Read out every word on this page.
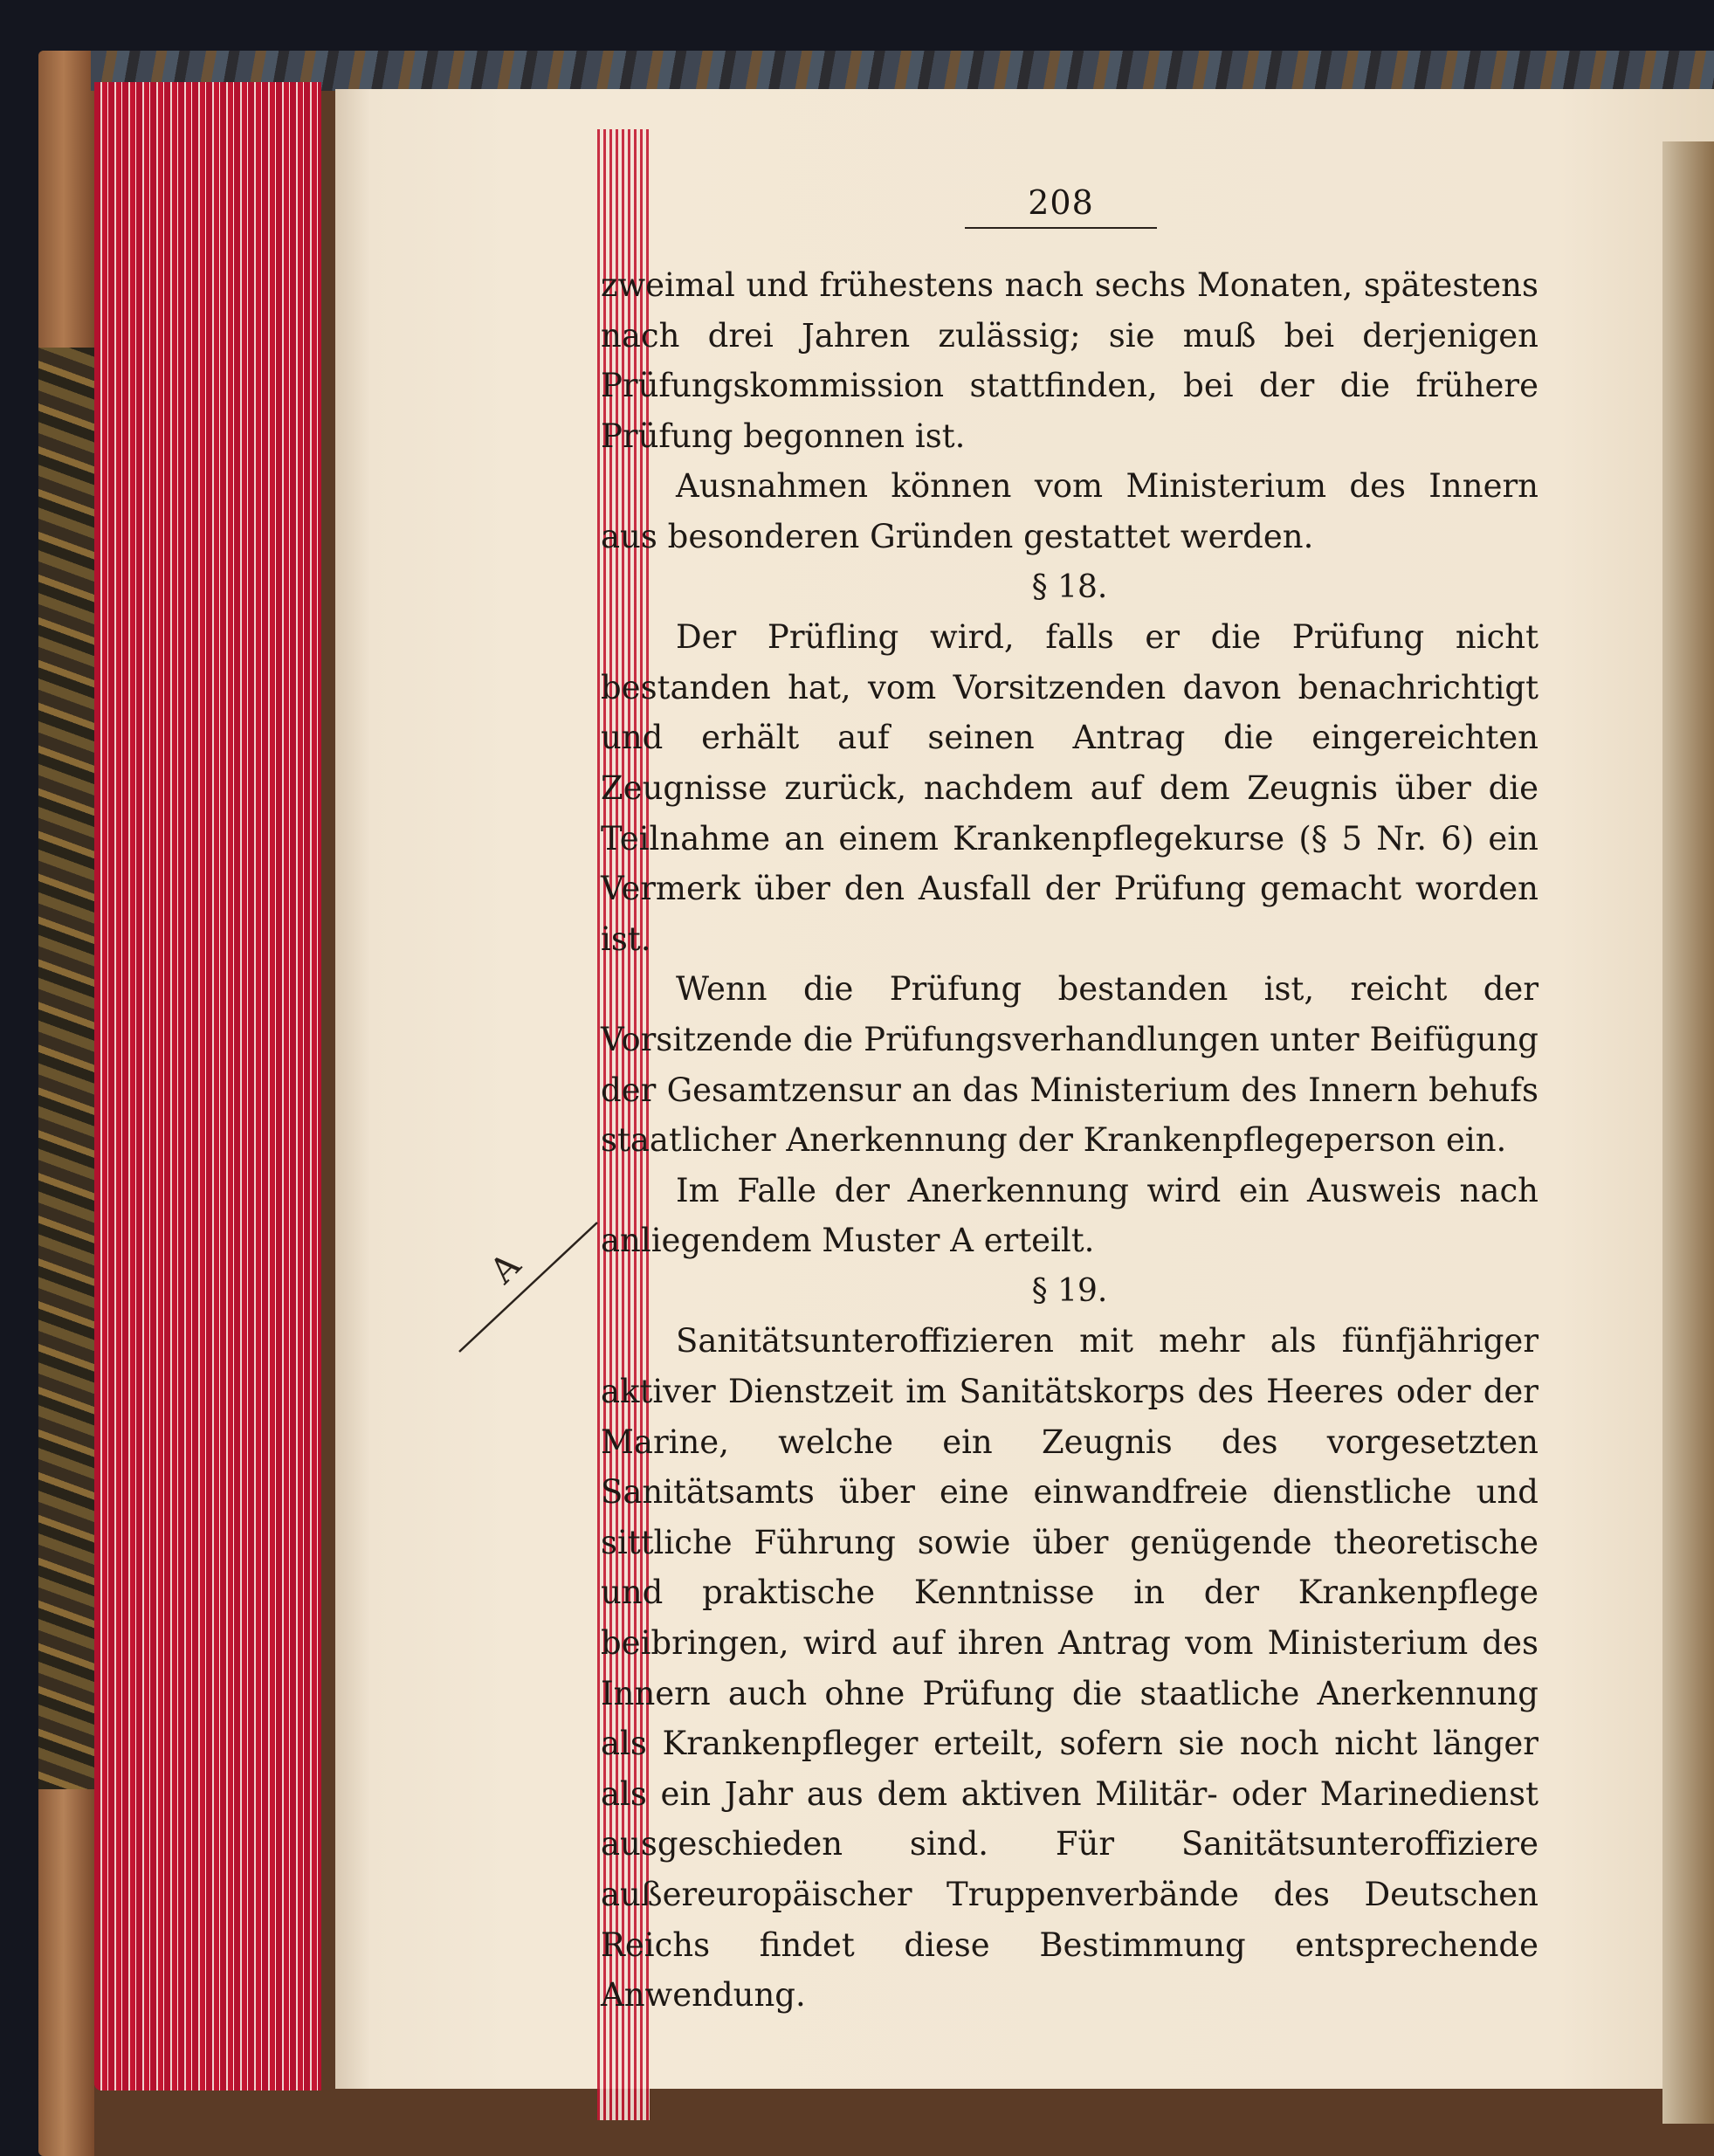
208
A

zweimal und frühestens nach sechs Monaten, spätestens nach drei Jahren zulässig; sie muß bei derjenigen Prüfungskommission stattfinden, bei der die frühere Prüfung begonnen ist.

Ausnahmen können vom Ministerium des Innern aus besonderen Gründen gestattet werden.

§ 18.

Der Prüfling wird, falls er die Prüfung nicht bestanden hat, vom Vorsitzenden davon benachrichtigt und erhält auf seinen Antrag die eingereichten Zeugnisse zurück, nachdem auf dem Zeugnis über die Teilnahme an einem Krankenpflegekurse (§ 5 Nr. 6) ein Vermerk über den Ausfall der Prüfung gemacht worden ist.

Wenn die Prüfung bestanden ist, reicht der Vorsitzende die Prüfungsverhandlungen unter Beifügung der Gesamtzensur an das Ministerium des Innern behufs staatlicher Anerkennung der Krankenpflegeperson ein.

Im Falle der Anerkennung wird ein Ausweis nach anliegendem Muster A erteilt.

§ 19.

Sanitätsunteroffizieren mit mehr als fünfjähriger aktiver Dienstzeit im Sanitätskorps des Heeres oder der Marine, welche ein Zeugnis des vorgesetzten Sanitätsamts über eine einwandfreie dienstliche und sittliche Führung sowie über genügende theoretische und praktische Kenntnisse in der Krankenpflege beibringen, wird auf ihren Antrag vom Ministerium des Innern auch ohne Prüfung die staatliche Anerkennung als Krankenpfleger erteilt, sofern sie noch nicht länger als ein Jahr aus dem aktiven Militär- oder Marinedienst ausgeschieden sind. Für Sanitätsunteroffiziere außereuropäischer Truppenverbände des Deutschen Reichs findet diese Bestimmung entsprechende Anwendung.
